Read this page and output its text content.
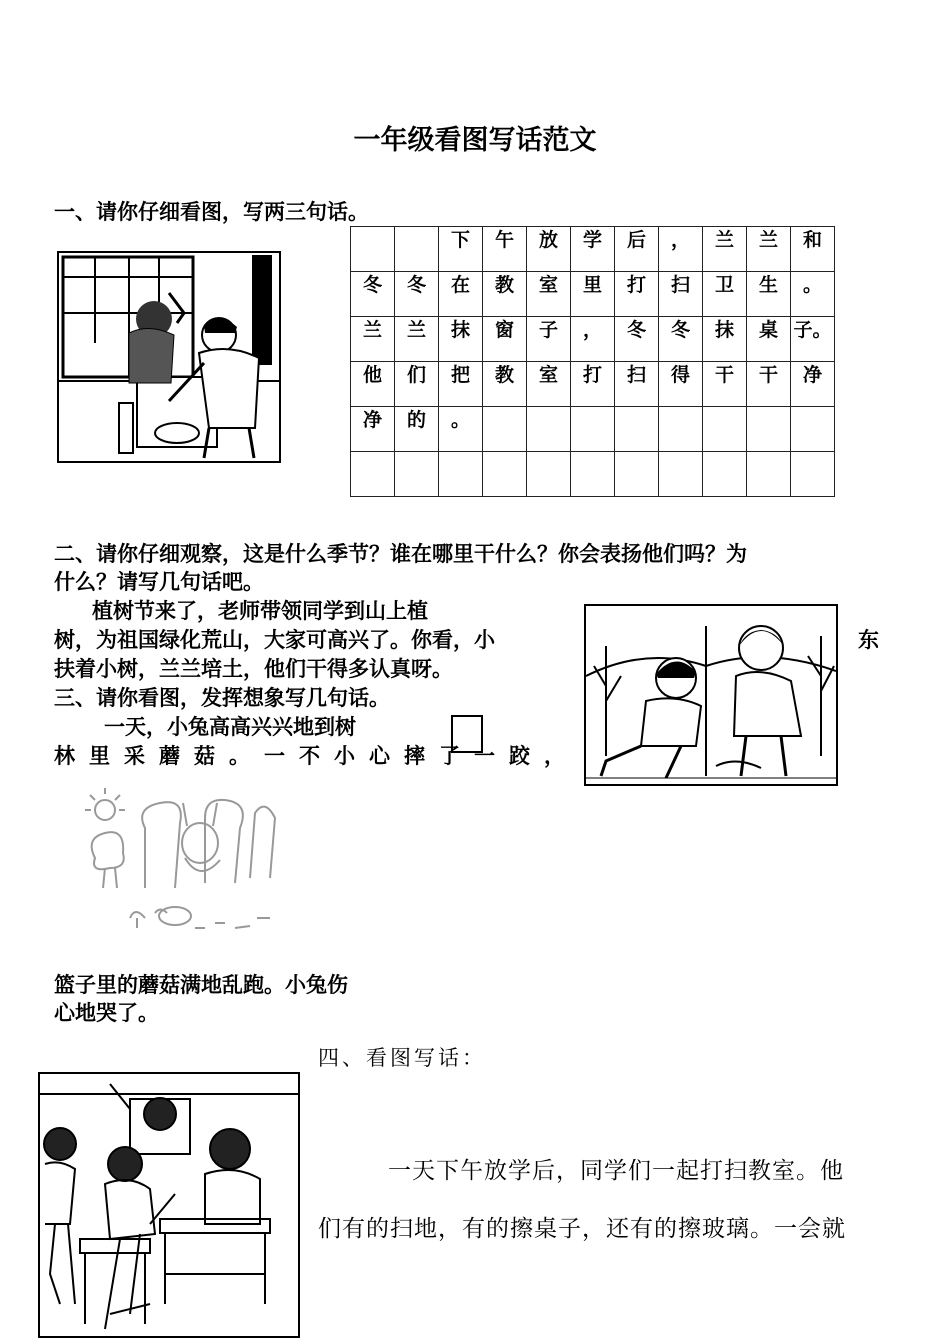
一年级看图写话范文
一、请你仔细看图，写两三句话。
		下	午	放	学	后	，	兰	兰	和
冬	冬	在	教	室	里	打	扫	卫	生	。
兰	兰	抹	窗	子	，	冬	冬	抹	桌	子。
他	们	把	教	室	打	扫	得	干	干	净
净	的	。								

二、请你仔细观察，这是什么季节？谁在哪里干什么？你会表扬他们吗？为
什么？请写几句话吧。
植树节来了，老师带领同学到山上植
树，为祖国绿化荒山，大家可高兴了。你看，小	东
扶着小树，兰兰培土，他们干得多认真呀。
三、请你看图，发挥想象写几句话。
一天，小兔高高兴兴地到树
林里采蘑菇。一不小心摔了一跤，
篮子里的蘑菇满地乱跑。小兔伤
心地哭了。
四、看图写话：
一天下午放学后，同学们一起打扫教室。他
们有的扫地，有的擦桌子，还有的擦玻璃。一会就
